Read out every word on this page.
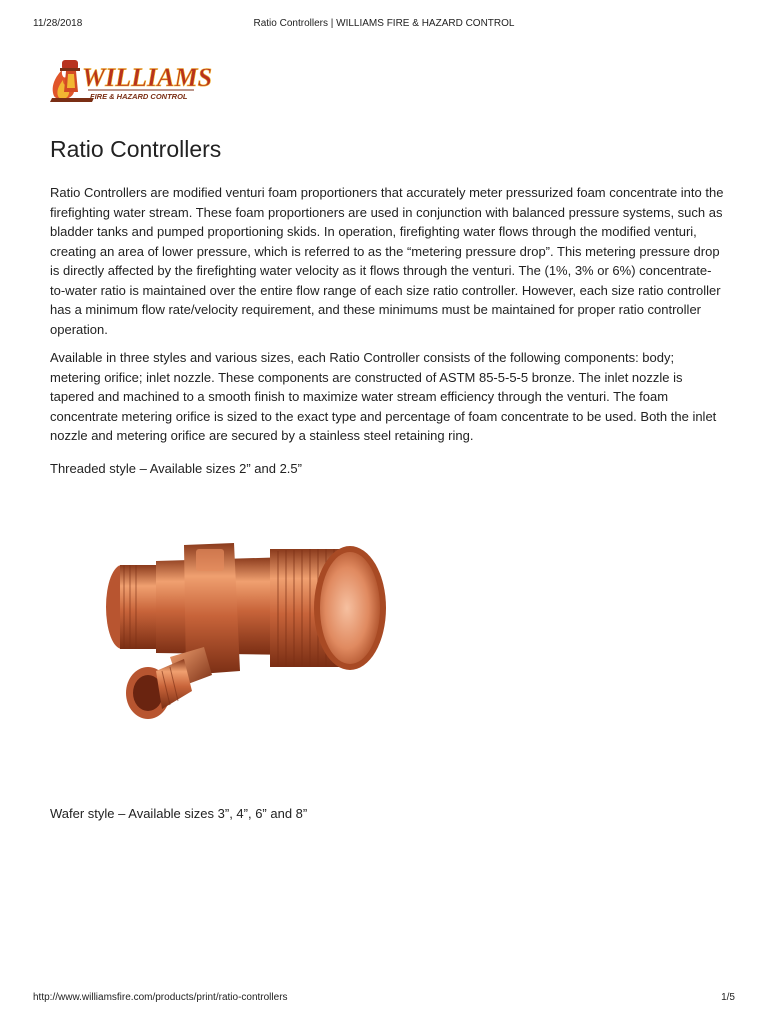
11/28/2018	Ratio Controllers | WILLIAMS FIRE & HAZARD CONTROL
WILLIAMS
FIRE & HAZARD CONTROL
Ratio Controllers

Ratio Controllers are modified venturi foam proportioners that accurately meter pressurized foam concentrate into the firefighting water stream. These foam proportioners are used in conjunction with balanced pressure systems, such as bladder tanks and pumped proportioning skids. In operation, firefighting water flows through the modified venturi, creating an area of lower pressure, which is referred to as the “metering pressure drop”. This metering pressure drop is directly affected by the firefighting water velocity as it flows through the venturi. The (1%, 3% or 6%) concentrate-to-water ratio is maintained over the entire flow range of each size ratio controller. However, each size ratio controller has a minimum flow rate/velocity requirement, and these minimums must be maintained for proper ratio controller operation.

Available in three styles and various sizes, each Ratio Controller consists of the following components: body; metering orifice; inlet nozzle. These components are constructed of ASTM 85-5-5-5 bronze. The inlet nozzle is tapered and machined to a smooth finish to maximize water stream efficiency through the venturi. The foam concentrate metering orifice is sized to the exact type and percentage of foam concentrate to be used. Both the inlet nozzle and metering orifice are secured by a stainless steel retaining ring.

Threaded style – Available sizes 2” and 2.5”

Wafer style – Available sizes 3”, 4”, 6” and 8”

http://www.williamsfire.com/products/print/ratio-controllers	1/5
